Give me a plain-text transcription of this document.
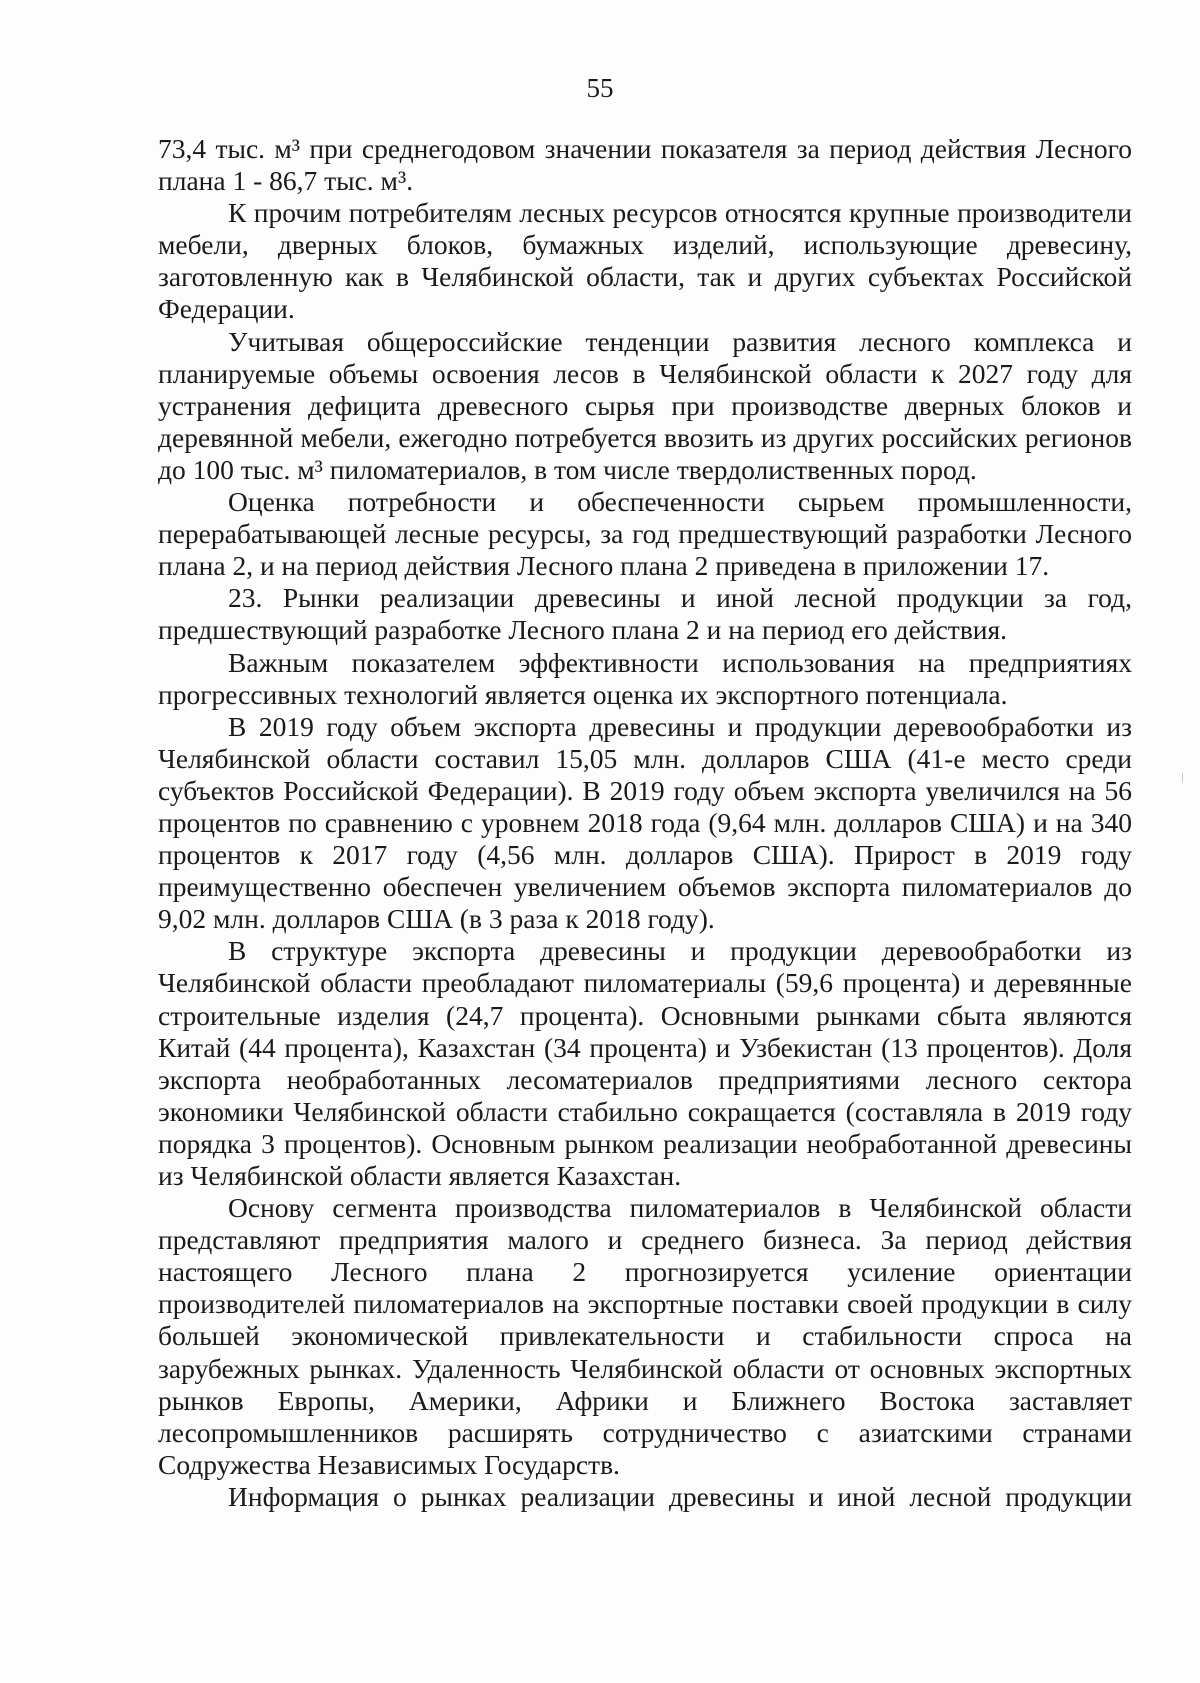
55

73,4 тыс. м³ при среднегодовом значении показателя за период действия Лесного плана 1 - 86,7 тыс. м³.

К прочим потребителям лесных ресурсов относятся крупные производители мебели, дверных блоков, бумажных изделий, использующие древесину, заготовленную как в Челябинской области, так и других субъектах Российской Федерации.

Учитывая общероссийские тенденции развития лесного комплекса и планируемые объемы освоения лесов в Челябинской области к 2027 году для устранения дефицита древесного сырья при производстве дверных блоков и деревянной мебели, ежегодно потребуется ввозить из других российских регионов до 100 тыс. м³ пиломатериалов, в том числе твердолиственных пород.

Оценка потребности и обеспеченности сырьем промышленности, перерабатывающей лесные ресурсы, за год предшествующий разработки Лесного плана 2, и на период действия Лесного плана 2 приведена в приложении 17.

23. Рынки реализации древесины и иной лесной продукции за год, предшествующий разработке Лесного плана 2 и на период его действия.

Важным показателем эффективности использования на предприятиях прогрессивных технологий является оценка их экспортного потенциала.

В 2019 году объем экспорта древесины и продукции деревообработки из Челябинской области составил 15,05 млн. долларов США (41-е место среди субъектов Российской Федерации). В 2019 году объем экспорта увеличился на 56 процентов по сравнению с уровнем 2018 года (9,64 млн. долларов США) и на 340 процентов к 2017 году (4,56 млн. долларов США). Прирост в 2019 году преимущественно обеспечен увеличением объемов экспорта пиломатериалов до 9,02 млн. долларов США (в 3 раза к 2018 году).

В структуре экспорта древесины и продукции деревообработки из Челябинской области преобладают пиломатериалы (59,6 процента) и деревянные строительные изделия (24,7 процента). Основными рынками сбыта являются Китай (44 процента), Казахстан (34 процента) и Узбекистан (13 процентов). Доля экспорта необработанных лесоматериалов предприятиями лесного сектора экономики Челябинской области стабильно сокращается (составляла в 2019 году порядка 3 процентов). Основным рынком реализации необработанной древесины из Челябинской области является Казахстан.

Основу сегмента производства пиломатериалов в Челябинской области представляют предприятия малого и среднего бизнеса. За период действия настоящего Лесного плана 2 прогнозируется усиление ориентации производителей пиломатериалов на экспортные поставки своей продукции в силу большей экономической привлекательности и стабильности спроса на зарубежных рынках. Удаленность Челябинской области от основных экспортных рынков Европы, Америки, Африки и Ближнего Востока заставляет лесопромышленников расширять сотрудничество с азиатскими странами Содружества Независимых Государств.

Информация о рынках реализации древесины и иной лесной продукции
